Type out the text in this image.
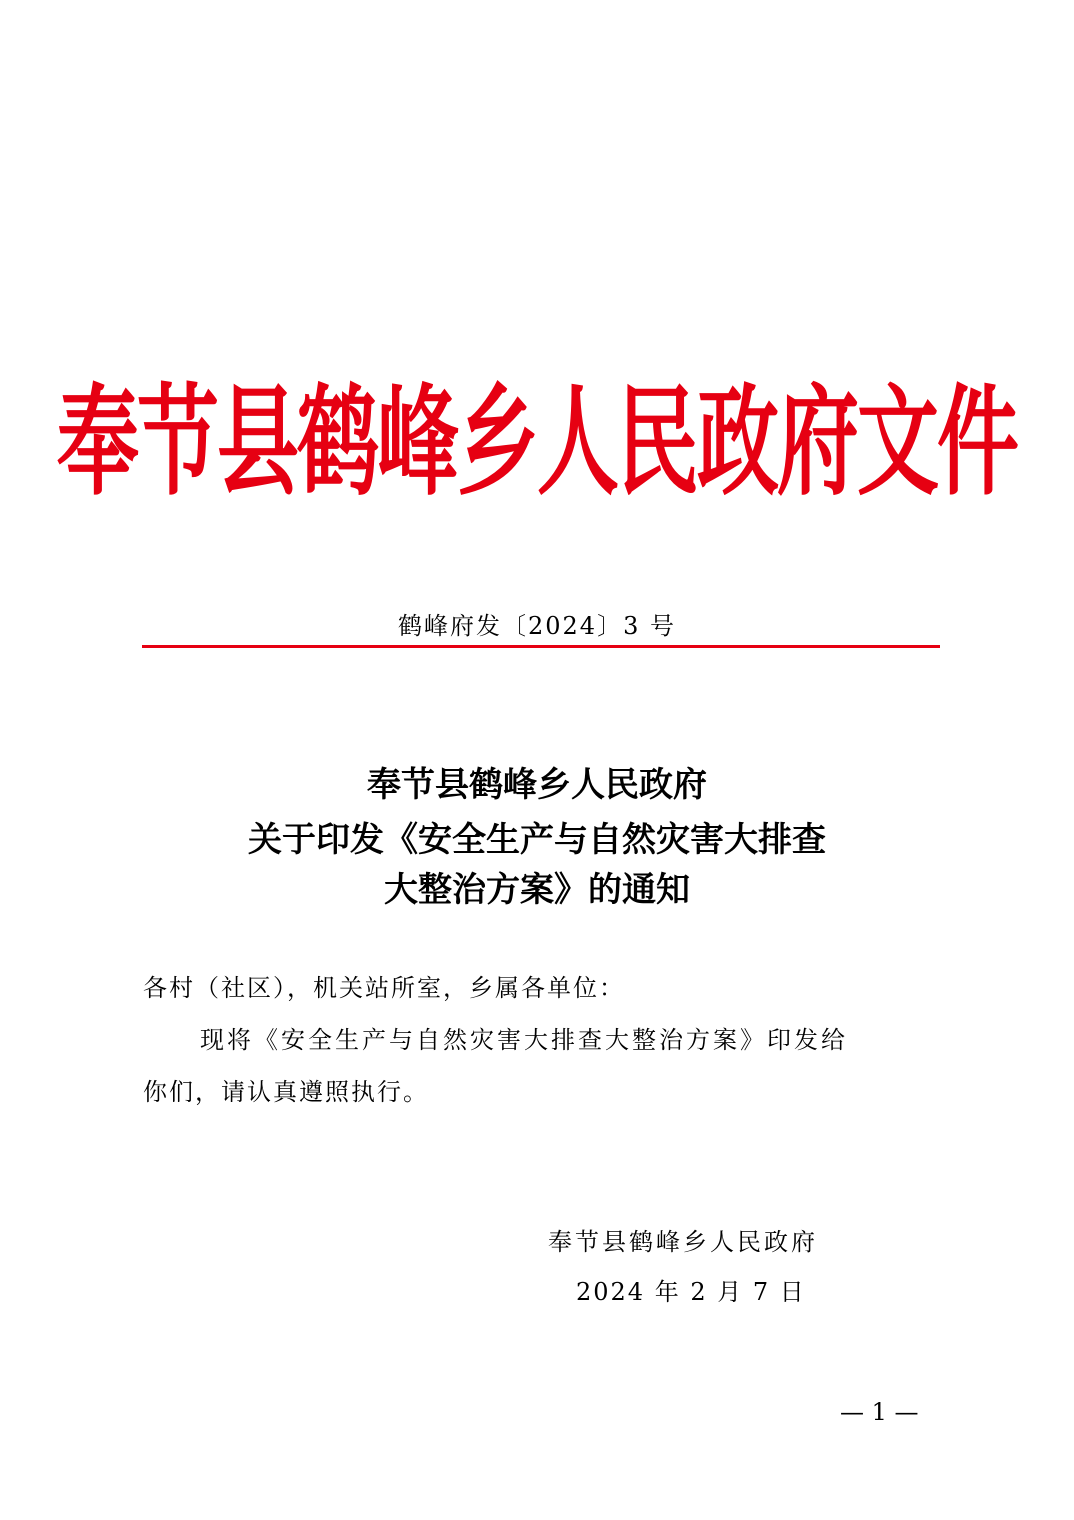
奉节县鹤峰乡人民政府文件
鹤峰府发〔2024〕3 号
奉节县鹤峰乡人民政府
关于印发《安全生产与自然灾害大排查
大整治方案》的通知
各村（社区），机关站所室，乡属各单位：
现将《安全生产与自然灾害大排查大整治方案》印发给
你们，请认真遵照执行。
奉节县鹤峰乡人民政府
2024 年 2 月 7 日
— 1 —
